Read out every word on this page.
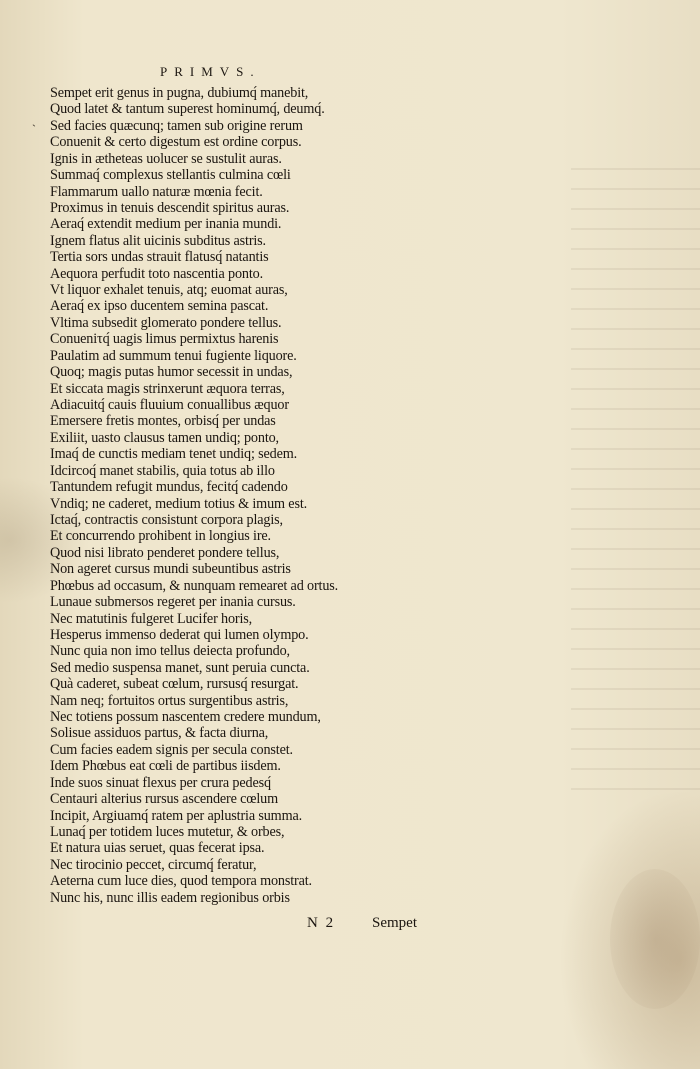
`
PRIMVS.
Sempet erit genus in pugna, dubiumq́ manebit,
Quod latet & tantum superest hominumq́, deumq́.
Sed facies quæcunq; tamen sub origine rerum
Conuenit & certo digestum est ordine corpus.
Ignis in ætheteas uolucer se sustulit auras.
Summaq́ complexus stellantis culmina cœli
Flammarum uallo naturæ mœnia fecit.
Proximus in tenuis descendit spiritus auras.
Aeraq́ extendit medium per inania mundi.
Ignem flatus alit uicinis subditus astris.
Tertia sors undas strauit flatusq́ natantis
Aequora perfudit toto nascentia ponto.
Vt liquor exhalet tenuis, atq; euomat auras,
Aeraq́ ex ipso ducentem semina pascat.
Vltima subsedit glomerato pondere tellus.
Conueniτq́ uagis limus permixtus harenis
Paulatim ad summum tenui fugiente liquore.
Quoq; magis putas humor secessit in undas,
Et siccata magis strinxerunt æquora terras,
Adiacuitq́ cauis fluuium conuallibus æquor
Emersere fretis montes, orbisq́ per undas
Exiliit, uasto clausus tamen undiq; ponto,
Imaq́ de cunctis mediam tenet undiq; sedem.
Idcircoq́ manet stabilis, quia totus ab illo
Tantundem refugit mundus, fecitq́ cadendo
Vndiq; ne caderet, medium totius & imum est.
Ictaq́, contractis consistunt corpora plagis,
Et concurrendo prohibent in longius ire.
Quod nisi librato penderet pondere tellus,
Non ageret cursus mundi subeuntibus astris
Phœbus ad occasum, & nunquam remearet ad ortus.
Lunaue submersos regeret per inania cursus.
Nec matutinis fulgeret Lucifer horis,
Hesperus immenso dederat qui lumen olympo.
Nunc quia non imo tellus deiecta profundo,
Sed medio suspensa manet, sunt peruia cuncta.
Quà caderet, subeat cœlum, rursusq́ resurgat.
Nam neq; fortuitos ortus surgentibus astris,
Nec totiens possum nascentem credere mundum,
Solisue assiduos partus, & facta diurna,
Cum facies eadem signis per secula constet.
Idem Phœbus eat cœli de partibus iisdem.
Inde suos sinuat flexus per crura pedesq́
Centauri alterius rursus ascendere cœlum
Incipit, Argiuamq́ ratem per aplustria summa.
Lunaq́ per totidem luces mutetur, & orbes,
Et natura uias seruet, quas fecerat ipsa.
Nec tirocinio peccet, circumq́ feratur,
Aeterna cum luce dies, quod tempora monstrat.
Nunc his, nunc illis eadem regionibus orbis
N 2 Sempet
